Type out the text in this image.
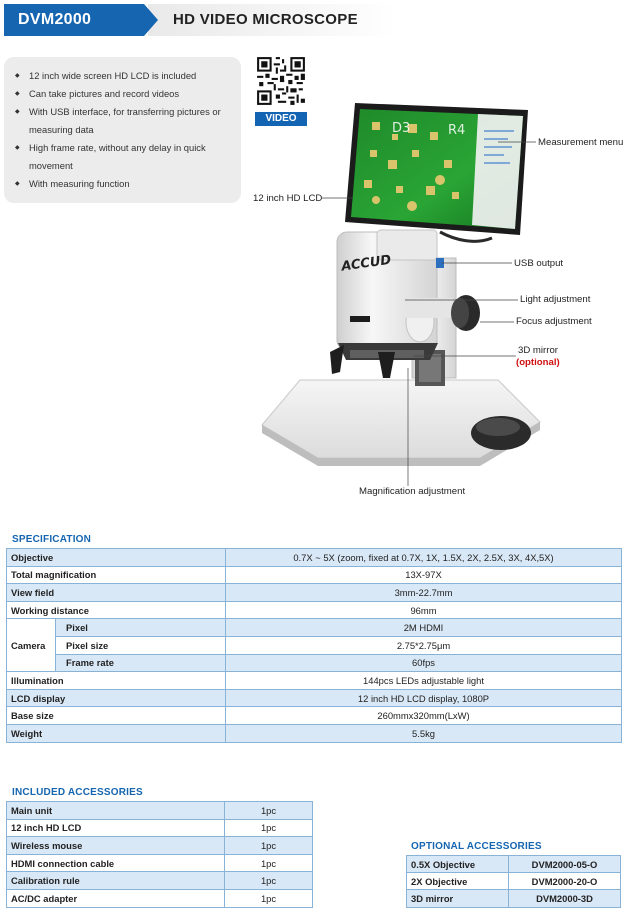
HD VIDEO MICROSCOPE
DVM2000
◆ 12 inch wide screen HD LCD is included
◆ Can take pictures and record videos
◆ With USB interface, for transferring pictures or
measuring data
◆ High frame rate, without any delay in quick
movement
◆ With measuring function
VIDEO
ACCUD
D3	R4
Measurement menu
12 inch HD LCD
USB output
Light adjustment
Focus adjustment
3D mirror
(optional)
Magnification adjustment
SPECIFICATION
Objective		0.7X ~ 5X (zoom, fixed at 0.7X, 1X, 1.5X, 2X, 2.5X, 3X, 4X,5X)
Total magnification		13X-97X
View field		3mm-22.7mm
Working distance		96mm
Camera	Pixel	2M HDMI
	Pixel size	2.75*2.75μm
	Frame rate	60fps
Illumination		144pcs LEDs adjustable light
LCD display		12 inch HD LCD display, 1080P
Base size		260mmx320mm(LxW)
Weight		5.5kg
INCLUDED ACCESSORIES
Main unit	1pc
12 inch HD LCD	1pc
Wireless mouse	1pc
HDMI connection cable	1pc
Calibration rule	1pc
AC/DC adapter	1pc
OPTIONAL ACCESSORIES
0.5X Objective	DVM2000-05-O
2X Objective	DVM2000-20-O
3D mirror	DVM2000-3D
